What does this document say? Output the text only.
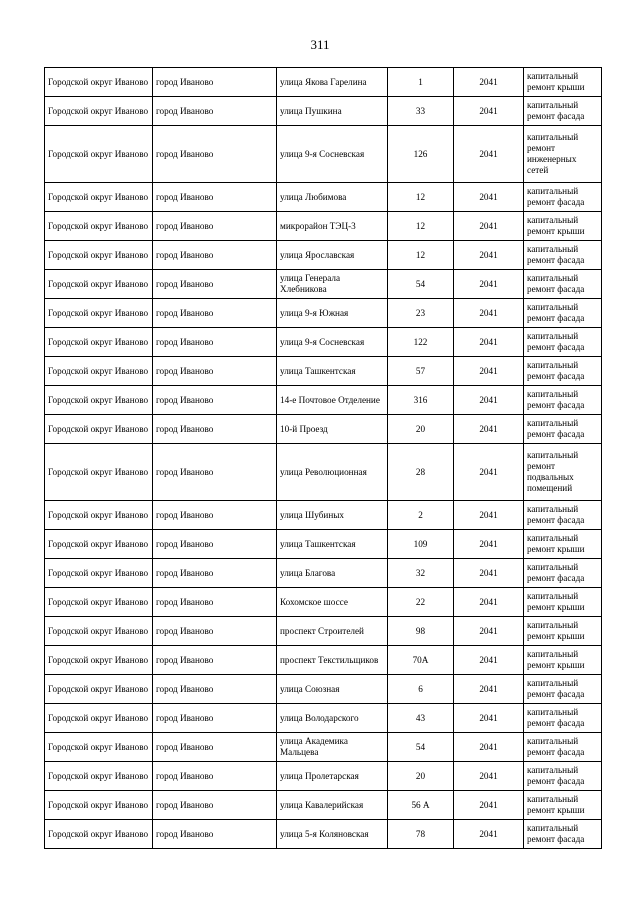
311
Городской округ Иваново	город Иваново	улица Якова Гарелина	1	2041	капитальный ремонт крыши
Городской округ Иваново	город Иваново	улица Пушкина	33	2041	капитальный ремонт фасада
Городской округ Иваново	город Иваново	улица 9-я Сосневская	126	2041	капитальный ремонт инженерных сетей
Городской округ Иваново	город Иваново	улица Любимова	12	2041	капитальный ремонт фасада
Городской округ Иваново	город Иваново	микрорайон ТЭЦ-3	12	2041	капитальный ремонт крыши
Городской округ Иваново	город Иваново	улица Ярославская	12	2041	капитальный ремонт фасада
Городской округ Иваново	город Иваново	улица Генерала Хлебникова	54	2041	капитальный ремонт фасада
Городской округ Иваново	город Иваново	улица 9-я Южная	23	2041	капитальный ремонт фасада
Городской округ Иваново	город Иваново	улица 9-я Сосневская	122	2041	капитальный ремонт фасада
Городской округ Иваново	город Иваново	улица Ташкентская	57	2041	капитальный ремонт фасада
Городской округ Иваново	город Иваново	14-е Почтовое Отделение	316	2041	капитальный ремонт фасада
Городской округ Иваново	город Иваново	10-й Проезд	20	2041	капитальный ремонт фасада
Городской округ Иваново	город Иваново	улица Революционная	28	2041	капитальный ремонт подвальных помещений
Городской округ Иваново	город Иваново	улица Шубиных	2	2041	капитальный ремонт фасада
Городской округ Иваново	город Иваново	улица Ташкентская	109	2041	капитальный ремонт крыши
Городской округ Иваново	город Иваново	улица Благова	32	2041	капитальный ремонт фасада
Городской округ Иваново	город Иваново	Кохомское шоссе	22	2041	капитальный ремонт крыши
Городской округ Иваново	город Иваново	проспект Строителей	98	2041	капитальный ремонт крыши
Городской округ Иваново	город Иваново	проспект Текстильщиков	70А	2041	капитальный ремонт крыши
Городской округ Иваново	город Иваново	улица Союзная	6	2041	капитальный ремонт фасада
Городской округ Иваново	город Иваново	улица Володарского	43	2041	капитальный ремонт фасада
Городской округ Иваново	город Иваново	улица Академика Мальцева	54	2041	капитальный ремонт фасада
Городской округ Иваново	город Иваново	улица Пролетарская	20	2041	капитальный ремонт фасада
Городской округ Иваново	город Иваново	улица Кавалерийская	56 А	2041	капитальный ремонт крыши
Городской округ Иваново	город Иваново	улица 5-я Коляновская	78	2041	капитальный ремонт фасада
